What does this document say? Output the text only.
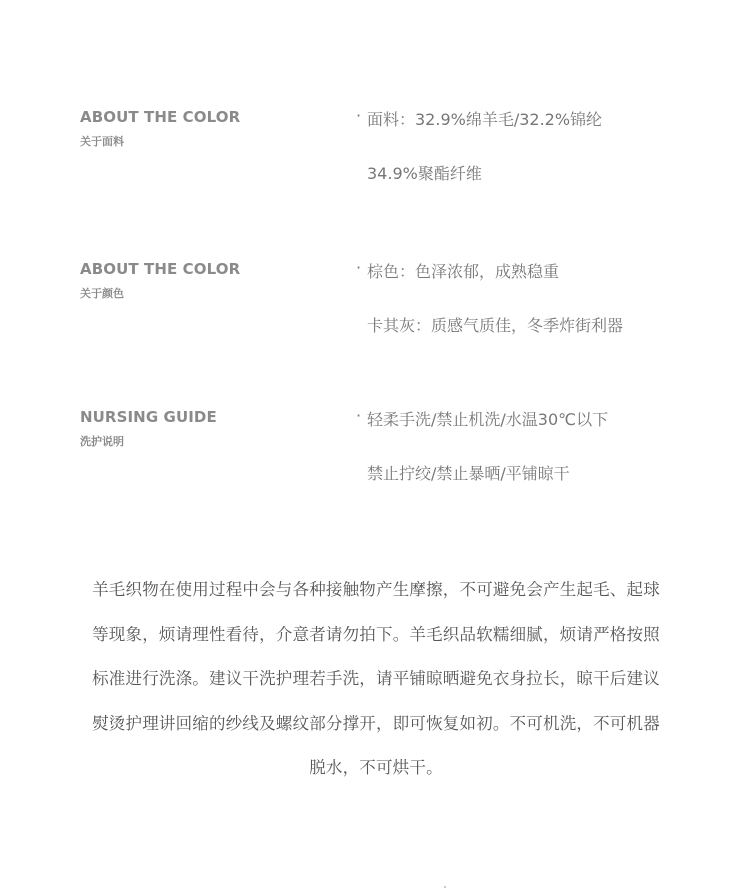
ABOUT THE COLOR
关于面料
· 面料：32.9%绵羊毛/32.2%锦纶
34.9%聚酯纤维
ABOUT THE COLOR
关于颜色
· 棕色：色泽浓郁，成熟稳重
卡其灰：质感气质佳，冬季炸街利器
NURSING GUIDE
洗护说明
· 轻柔手洗/禁止机洗/水温30℃以下
禁止拧绞/禁止暴晒/平铺晾干
羊毛织物在使用过程中会与各种接触物产生摩擦，不可避免会产生起毛、起球
等现象，烦请理性看待，介意者请勿拍下。羊毛织品软糯细腻，烦请严格按照
标准进行洗涤。建议干洗护理若手洗，请平铺晾晒避免衣身拉长，晾干后建议
熨烫护理讲回缩的纱线及螺纹部分撑开，即可恢复如初。不可机洗，不可机器
脱水，不可烘干。
